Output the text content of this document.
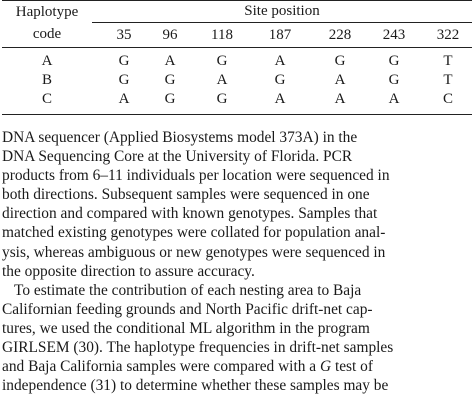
Haplotype
code
Site position
35	96	118	187	228	243	322
A	G	A	G	A	G	G	T
B	G	G	A	G	A	G	T
C	A	G	G	A	A	A	C
DNA sequencer (Applied Biosystems model 373A) in the
DNA Sequencing Core at the University of Florida. PCR
products from 6–11 individuals per location were sequenced in
both directions. Subsequent samples were sequenced in one
direction and compared with known genotypes. Samples that
matched existing genotypes were collated for population anal-
ysis, whereas ambiguous or new genotypes were sequenced in
the opposite direction to assure accuracy.
To estimate the contribution of each nesting area to Baja
Californian feeding grounds and North Pacific drift-net cap-
tures, we used the conditional ML algorithm in the program
GIRLSEM (30). The haplotype frequencies in drift-net samples
and Baja California samples were compared with a G test of
independence (31) to determine whether these samples may be
